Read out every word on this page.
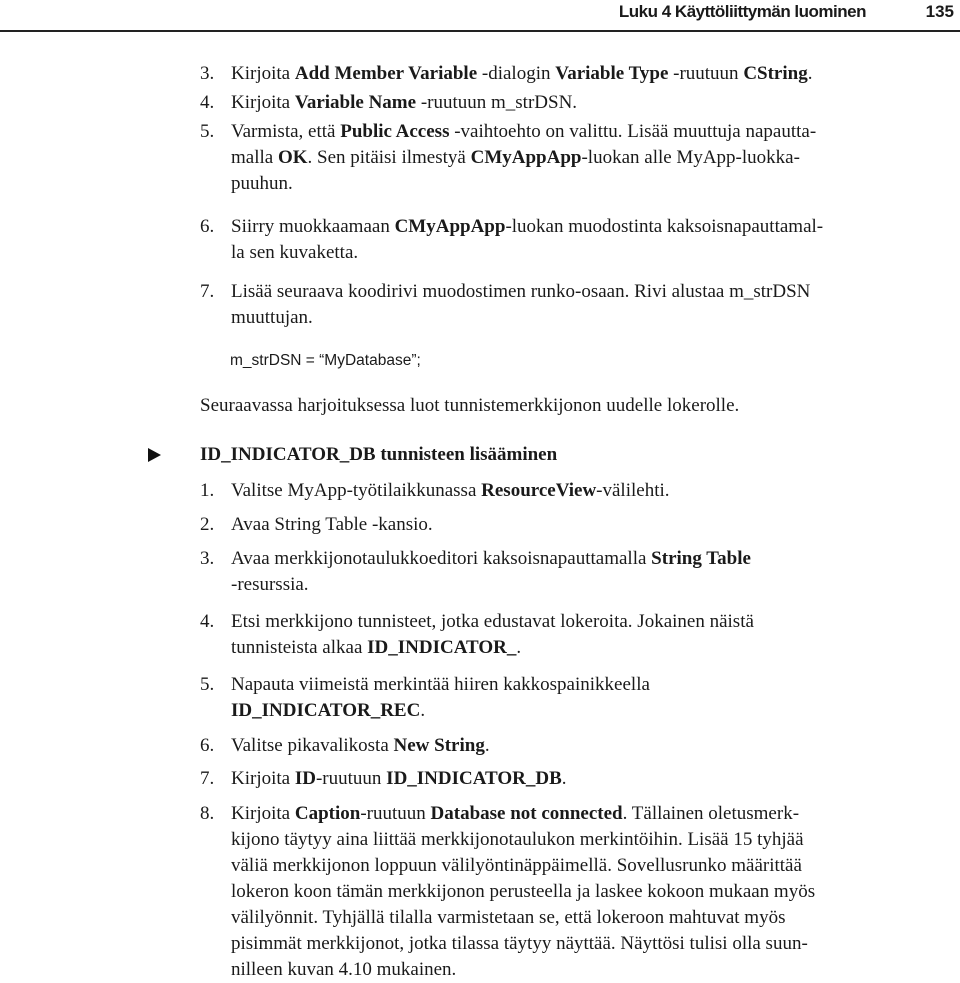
Luku 4 Käyttöliittymän luominen	135
3. Kirjoita Add Member Variable -dialogin Variable Type -ruutuun CString.
4. Kirjoita Variable Name -ruutuun m_strDSN.
5. Varmista, että Public Access -vaihtoehto on valittu. Lisää muuttuja napautta-
malla OK. Sen pitäisi ilmestyä CMyAppApp-luokan alle MyApp-luokka-
puuhun.
6. Siirry muokkaamaan CMyAppApp-luokan muodostinta kaksoisnapauttamal-
la sen kuvaketta.
7. Lisää seuraava koodirivi muodostimen runko-osaan. Rivi alustaa m_strDSN
muuttujan.
m_strDSN = “MyDatabase”;
Seuraavassa harjoituksessa luot tunnistemerkkijonon uudelle lokerolle.
ID_INDICATOR_DB tunnisteen lisääminen
1. Valitse MyApp-työtilaikkunassa ResourceView-välilehti.
2. Avaa String Table -kansio.
3. Avaa merkkijonotaulukkoeditori kaksoisnapauttamalla String Table
-resurssia.
4. Etsi merkkijono tunnisteet, jotka edustavat lokeroita. Jokainen näistä
tunnisteista alkaa ID_INDICATOR_.
5. Napauta viimeistä merkintää hiiren kakkospainikkeella
ID_INDICATOR_REC.
6. Valitse pikavalikosta New String.
7. Kirjoita ID-ruutuun ID_INDICATOR_DB.
8. Kirjoita Caption-ruutuun Database not connected. Tällainen oletusmerk-
kijono täytyy aina liittää merkkijonotaulukon merkintöihin. Lisää 15 tyhjää
väliä merkkijonon loppuun välilyöntinäppäimellä. Sovellusrunko määrittää
lokeron koon tämän merkkijonon perusteella ja laskee kokoon mukaan myös
välilyönnit. Tyhjällä tilalla varmistetaan se, että lokeroon mahtuvat myös
pisimmät merkkijonot, jotka tilassa täytyy näyttää. Näyttösi tulisi olla suun-
nilleen kuvan 4.10 mukainen.
